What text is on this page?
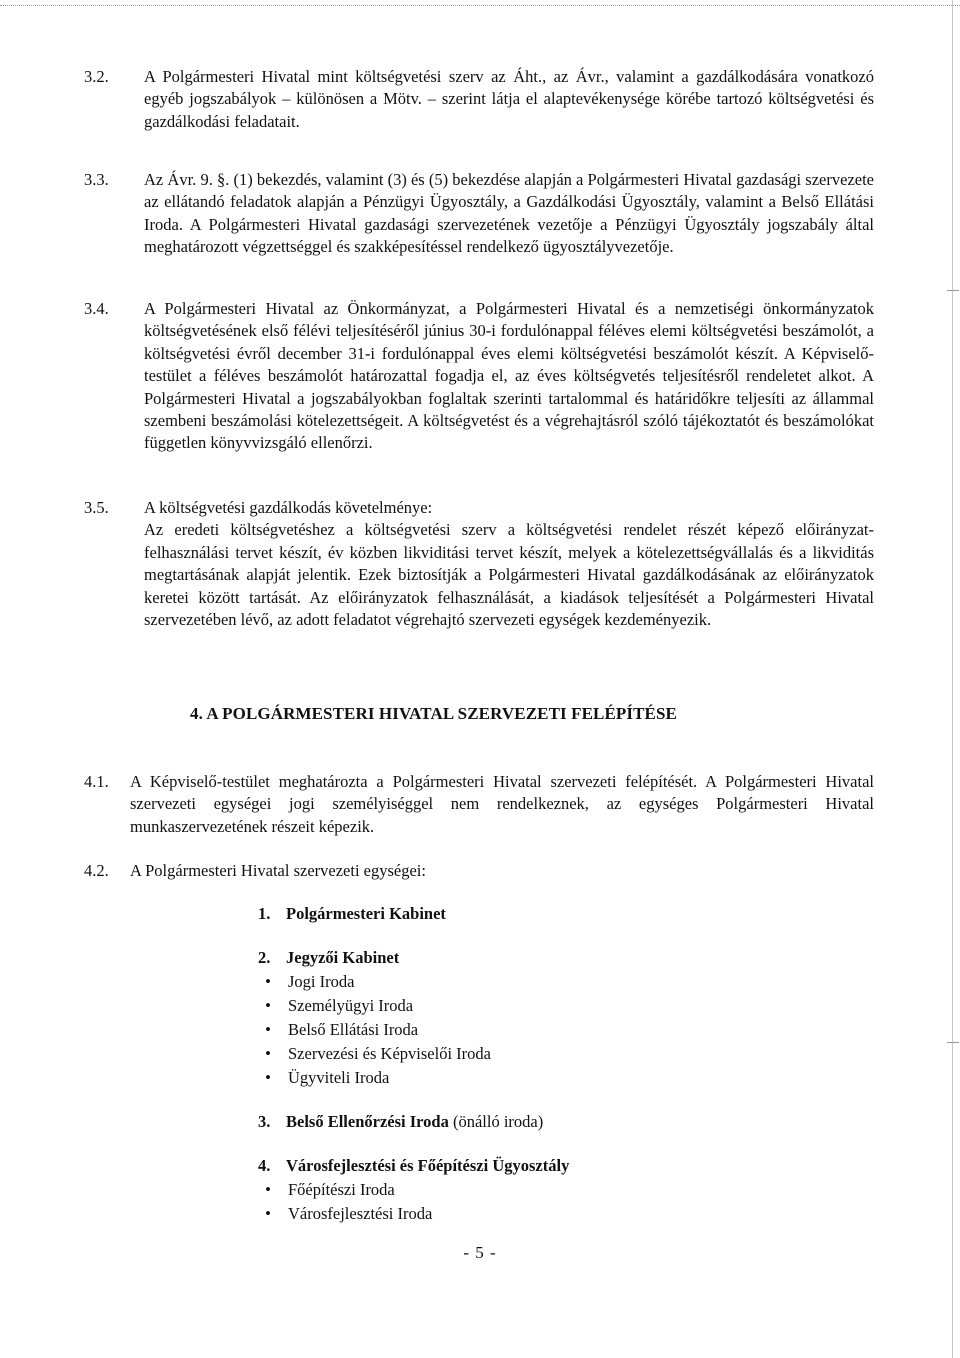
3.2. A Polgármesteri Hivatal mint költségvetési szerv az Áht., az Ávr., valamint a gazdálkodására vonatkozó egyéb jogszabályok – különösen a Mötv. – szerint látja el alaptevékenysége körébe tartozó költségvetési és gazdálkodási feladatait.
3.3. Az Ávr. 9. §. (1) bekezdés, valamint (3) és (5) bekezdése alapján a Polgármesteri Hivatal gazdasági szervezete az ellátandó feladatok alapján a Pénzügyi Ügyosztály, a Gazdálkodási Ügyosztály, valamint a Belső Ellátási Iroda. A Polgármesteri Hivatal gazdasági szervezetének vezetője a Pénzügyi Ügyosztály jogszabály által meghatározott végzettséggel és szakképesítéssel rendelkező ügyosztályvezetője.
3.4. A Polgármesteri Hivatal az Önkormányzat, a Polgármesteri Hivatal és a nemzetiségi önkormányzatok költségvetésének első félévi teljesítéséről június 30-i fordulónappal féléves elemi költségvetési beszámolót, a költségvetési évről december 31-i fordulónappal éves elemi költségvetési beszámolót készít. A Képviselő-testület a féléves beszámolót határozattal fogadja el, az éves költségvetés teljesítésről rendeletet alkot. A Polgármesteri Hivatal a jogszabályokban foglaltak szerinti tartalommal és határidőkre teljesíti az állammal szembeni beszámolási kötelezettségeit. A költségvetést és a végrehajtásról szóló tájékoztatót és beszámolókat független könyvvizsgáló ellenőrzi.
3.5. A költségvetési gazdálkodás követelménye:
Az eredeti költségvetéshez a költségvetési szerv a költségvetési rendelet részét képező előirányzat-felhasználási tervet készít, év közben likviditási tervet készít, melyek a kötelezettségvállalás és a likviditás megtartásának alapját jelentik. Ezek biztosítják a Polgármesteri Hivatal gazdálkodásának az előirányzatok keretei között tartását. Az előirányzatok felhasználását, a kiadások teljesítését a Polgármesteri Hivatal szervezetében lévő, az adott feladatot végrehajtó szervezeti egységek kezdeményezik.
4. A POLGÁRMESTERI HIVATAL SZERVEZETI FELÉPÍTÉSE
4.1. A Képviselő-testület meghatározta a Polgármesteri Hivatal szervezeti felépítését. A Polgármesteri Hivatal szervezeti egységei jogi személyiséggel nem rendelkeznek, az egységes Polgármesteri Hivatal munkaszervezetének részeit képezik.
4.2. A Polgármesteri Hivatal szervezeti egységei:
1. Polgármesteri Kabinet
2. Jegyzői Kabinet
•	Jogi Iroda
•	Személyügyi Iroda
•	Belső Ellátási Iroda
•	Szervezési és Képviselői Iroda
•	Ügyviteli Iroda
3. Belső Ellenőrzési Iroda (önálló iroda)
4. Városfejlesztési és Főépítészi Ügyosztály
•	Főépítészi Iroda
•	Városfejlesztési Iroda
- 5 -
